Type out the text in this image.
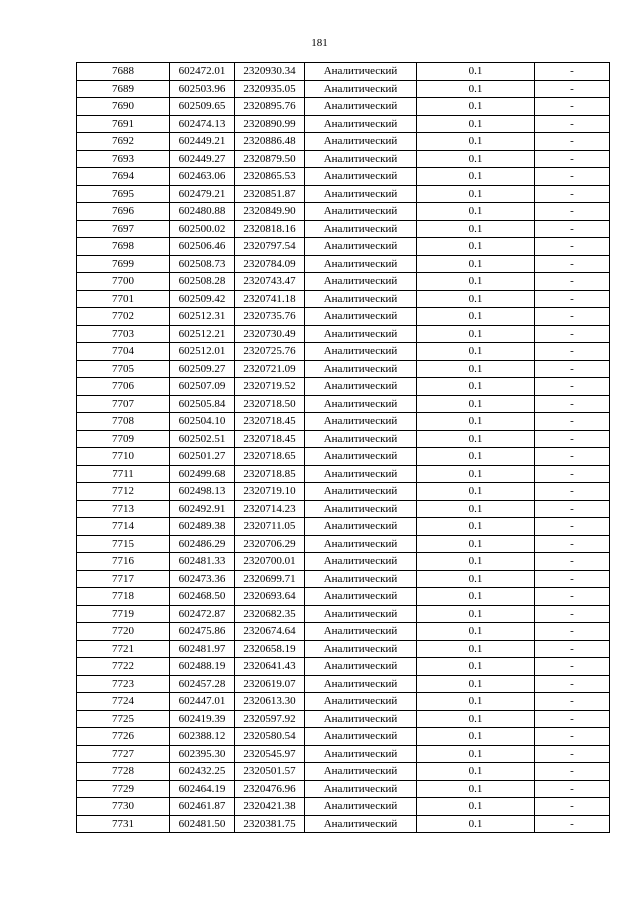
181
7688	602472.01	2320930.34	Аналитический	0.1	-
7689	602503.96	2320935.05	Аналитический	0.1	-
7690	602509.65	2320895.76	Аналитический	0.1	-
7691	602474.13	2320890.99	Аналитический	0.1	-
7692	602449.21	2320886.48	Аналитический	0.1	-
7693	602449.27	2320879.50	Аналитический	0.1	-
7694	602463.06	2320865.53	Аналитический	0.1	-
7695	602479.21	2320851.87	Аналитический	0.1	-
7696	602480.88	2320849.90	Аналитический	0.1	-
7697	602500.02	2320818.16	Аналитический	0.1	-
7698	602506.46	2320797.54	Аналитический	0.1	-
7699	602508.73	2320784.09	Аналитический	0.1	-
7700	602508.28	2320743.47	Аналитический	0.1	-
7701	602509.42	2320741.18	Аналитический	0.1	-
7702	602512.31	2320735.76	Аналитический	0.1	-
7703	602512.21	2320730.49	Аналитический	0.1	-
7704	602512.01	2320725.76	Аналитический	0.1	-
7705	602509.27	2320721.09	Аналитический	0.1	-
7706	602507.09	2320719.52	Аналитический	0.1	-
7707	602505.84	2320718.50	Аналитический	0.1	-
7708	602504.10	2320718.45	Аналитический	0.1	-
7709	602502.51	2320718.45	Аналитический	0.1	-
7710	602501.27	2320718.65	Аналитический	0.1	-
7711	602499.68	2320718.85	Аналитический	0.1	-
7712	602498.13	2320719.10	Аналитический	0.1	-
7713	602492.91	2320714.23	Аналитический	0.1	-
7714	602489.38	2320711.05	Аналитический	0.1	-
7715	602486.29	2320706.29	Аналитический	0.1	-
7716	602481.33	2320700.01	Аналитический	0.1	-
7717	602473.36	2320699.71	Аналитический	0.1	-
7718	602468.50	2320693.64	Аналитический	0.1	-
7719	602472.87	2320682.35	Аналитический	0.1	-
7720	602475.86	2320674.64	Аналитический	0.1	-
7721	602481.97	2320658.19	Аналитический	0.1	-
7722	602488.19	2320641.43	Аналитический	0.1	-
7723	602457.28	2320619.07	Аналитический	0.1	-
7724	602447.01	2320613.30	Аналитический	0.1	-
7725	602419.39	2320597.92	Аналитический	0.1	-
7726	602388.12	2320580.54	Аналитический	0.1	-
7727	602395.30	2320545.97	Аналитический	0.1	-
7728	602432.25	2320501.57	Аналитический	0.1	-
7729	602464.19	2320476.96	Аналитический	0.1	-
7730	602461.87	2320421.38	Аналитический	0.1	-
7731	602481.50	2320381.75	Аналитический	0.1	-
